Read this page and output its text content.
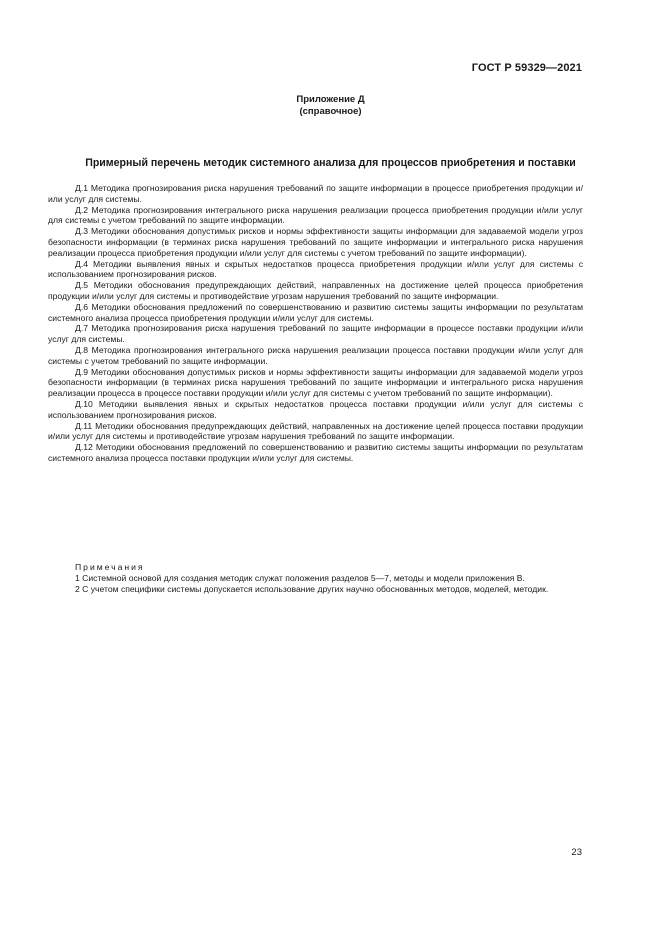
ГОСТ Р 59329—2021
Приложение Д
(справочное)
Примерный перечень методик системного анализа для процессов приобретения и поставки

Д.1 Методика прогнозирования риска нарушения требований по защите информации в процессе приобретения продукции и/или услуг для системы.

Д.2 Методика прогнозирования интегрального риска нарушения реализации процесса приобретения продукции и/или услуг для системы с учетом требований по защите информации.

Д.3 Методики обоснования допустимых рисков и нормы эффективности защиты информации для задаваемой модели угроз безопасности информации (в терминах риска нарушения требований по защите информации и интегрального риска нарушения реализации процесса приобретения продукции и/или услуг для системы с учетом требований по защите информации).

Д.4 Методики выявления явных и скрытых недостатков процесса приобретения продукции и/или услуг для системы с использованием прогнозирования рисков.

Д.5 Методики обоснования предупреждающих действий, направленных на достижение целей процесса приобретения продукции и/или услуг для системы и противодействие угрозам нарушения требований по защите информации.

Д.6 Методики обоснования предложений по совершенствованию и развитию системы защиты информации по результатам системного анализа процесса приобретения продукции и/или услуг для системы.

Д.7 Методика прогнозирования риска нарушения требований по защите информации в процессе поставки продукции и/или услуг для системы.

Д.8 Методика прогнозирования интегрального риска нарушения реализации процесса поставки продукции и/или услуг для системы с учетом требований по защите информации.

Д.9 Методики обоснования допустимых рисков и нормы эффективности защиты информации для задаваемой модели угроз безопасности информации (в терминах риска нарушения требований по защите информации и интегрального риска нарушения реализации процесса в процессе поставки продукции и/или услуг для системы с учетом требований по защите информации).

Д.10 Методики выявления явных и скрытых недостатков процесса поставки продукции и/или услуг для системы с использованием прогнозирования рисков.

Д.11 Методики обоснования предупреждающих действий, направленных на достижение целей процесса поставки продукции и/или услуг для системы и противодействие угрозам нарушения требований по защите информации.

Д.12 Методики обоснования предложений по совершенствованию и развитию системы защиты информации по результатам системного анализа процесса поставки продукции и/или услуг для системы.

Примечания

1 Системной основой для создания методик служат положения разделов 5—7, методы и модели приложения В.

2 С учетом специфики системы допускается использование других научно обоснованных методов, моделей, методик.

23
